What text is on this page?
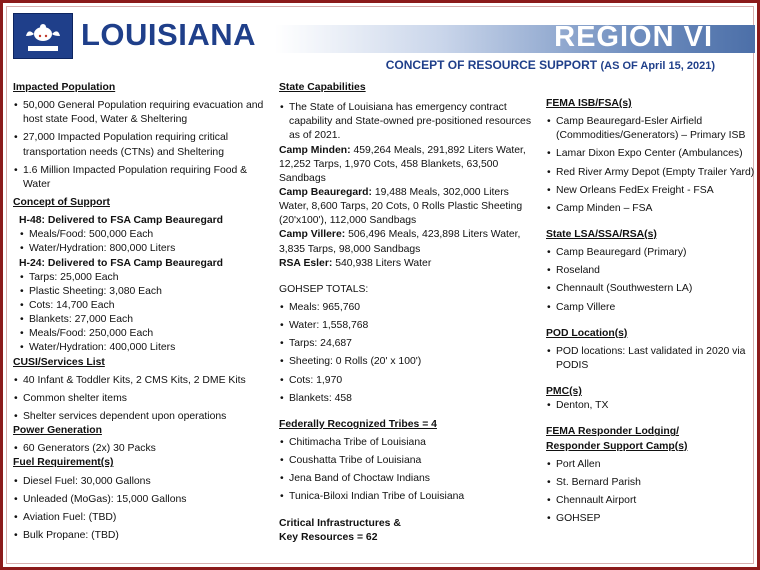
LOUISIANA	REGION VI
CONCEPT OF RESOURCE SUPPORT (AS OF April 15, 2021)

Impacted Population

• 50,000 General Population requiring evacuation and host state Food, Water & Sheltering
• 27,000 Impacted Population requiring critical transportation needs (CTNs) and Sheltering
• 1.6 Million Impacted Population requiring Food & Water

Concept of Support

H-48: Delivered to FSA Camp Beauregard

• Meals/Food: 500,000 Each
• Water/Hydration: 800,000 Liters

H-24: Delivered to FSA Camp Beauregard

• Tarps: 25,000 Each
• Plastic Sheeting: 3,080 Each
• Cots: 14,700 Each
• Blankets: 27,000 Each
• Meals/Food: 250,000 Each
• Water/Hydration: 400,000 Liters

CUSI/Services List

• 40 Infant & Toddler Kits, 2 CMS Kits, 2 DME Kits
• Common shelter items
• Shelter services dependent upon operations

Power Generation

• 60 Generators (2x) 30 Packs

Fuel Requirement(s)

• Diesel Fuel: 30,000 Gallons
• Unleaded (MoGas): 15,000 Gallons
• Aviation Fuel: (TBD)
• Bulk Propane: (TBD)

State Capabilities

• The State of Louisiana has emergency contract capability and State-owned pre-positioned resources as of 2021.

Camp Minden: 459,264 Meals, 291,892 Liters Water, 12,252 Tarps, 1,970 Cots, 458 Blankets, 63,500 Sandbags

Camp Beauregard: 19,488 Meals, 302,000 Liters Water, 8,600 Tarps, 20 Cots, 0 Rolls Plastic Sheeting (20'x100'), 112,000 Sandbags

Camp Villere: 506,496 Meals, 423,898 Liters Water, 3,835 Tarps, 98,000 Sandbags

RSA Esler: 540,938 Liters Water

GOHSEP TOTALS:

• Meals: 965,760
• Water: 1,558,768
• Tarps: 24,687
• Sheeting: 0 Rolls (20' x 100')
• Cots: 1,970
• Blankets: 458

Federally Recognized Tribes = 4

• Chitimacha Tribe of Louisiana
• Coushatta Tribe of Louisiana
• Jena Band of Choctaw Indians
• Tunica-Biloxi Indian Tribe of Louisiana

Critical Infrastructures &

Key Resources = 62

FEMA ISB/FSA(s)

• Camp Beauregard-Esler Airfield (Commodities/Generators) – Primary ISB
• Lamar Dixon Expo Center (Ambulances)
• Red River Army Depot (Empty Trailer Yard)
• New Orleans FedEx Freight - FSA
• Camp Minden – FSA

State LSA/SSA/RSA(s)

• Camp Beauregard (Primary)
• Roseland
• Chennault (Southwestern LA)
• Camp Villere

POD Location(s)

• POD locations: Last validated in 2020 via PODIS

PMC(s)

• Denton, TX

FEMA Responder Lodging/

Responder Support Camp(s)

• Port Allen
• St. Bernard Parish
• Chennault Airport
• GOHSEP
